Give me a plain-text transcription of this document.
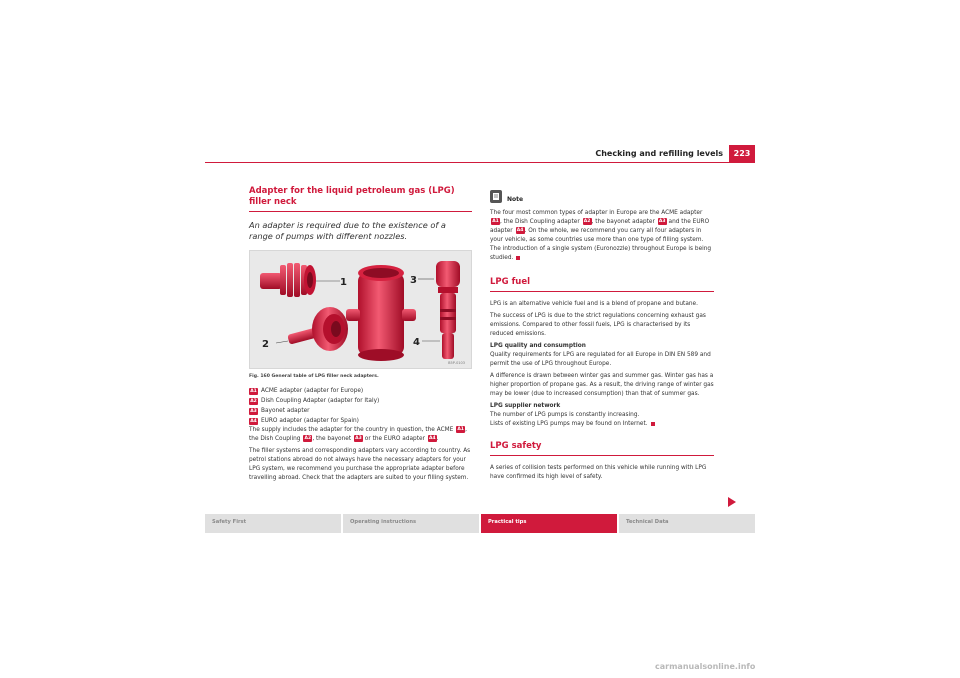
Checking and refilling levels	223
Adapter for the liquid petroleum gas (LPG) filler neck
An adapter is required due to the existence of a range of pumps with different nozzles.
1
2
3
4
B5P-0103
Fig. 160 General table of LPG filler neck adapters.
A1 ACME adapter (adapter for Europe)
A2 Dish Coupling Adapter (adapter for Italy)
A3 Bayonet adapter
A4 EURO adapter (adapter for Spain)

The supply includes the adapter for the country in question, the ACME A1, the Dish Coupling A2, the bayonet A3 or the EURO adapter A4.

The filler systems and corresponding adapters vary according to country. As petrol stations abroad do not always have the necessary adapters for your LPG system, we recommend you purchase the appropriate adapter before travelling abroad. Check that the adapters are suited to your filling system.

Note

The four most common types of adapter in Europe are the ACME adapter A1, the Dish Coupling adapter A2, the bayonet adapter A3 and the EURO adapter A4. On the whole, we recommend you carry all four adapters in your vehicle, as some countries use more than one type of filling system. The introduction of a single system (Euronozzle) throughout Europe is being studied.

LPG fuel

LPG is an alternative vehicle fuel and is a blend of propane and butane.

The success of LPG is due to the strict regulations concerning exhaust gas emissions. Compared to other fossil fuels, LPG is characterised by its reduced emissions.

LPG quality and consumption

Quality requirements for LPG are regulated for all Europe in DIN EN 589 and permit the use of LPG throughout Europe.

A difference is drawn between winter gas and summer gas. Winter gas has a higher proportion of propane gas. As a result, the driving range of winter gas may be lower (due to increased consumption) than that of summer gas.

LPG supplier network

The number of LPG pumps is constantly increasing.

Lists of existing LPG pumps may be found on Internet.

LPG safety

A series of collision tests performed on this vehicle while running with LPG have confirmed its high level of safety.

Safety First	Operating instructions	Practical tips	Technical Data
carmanualsonline.info
